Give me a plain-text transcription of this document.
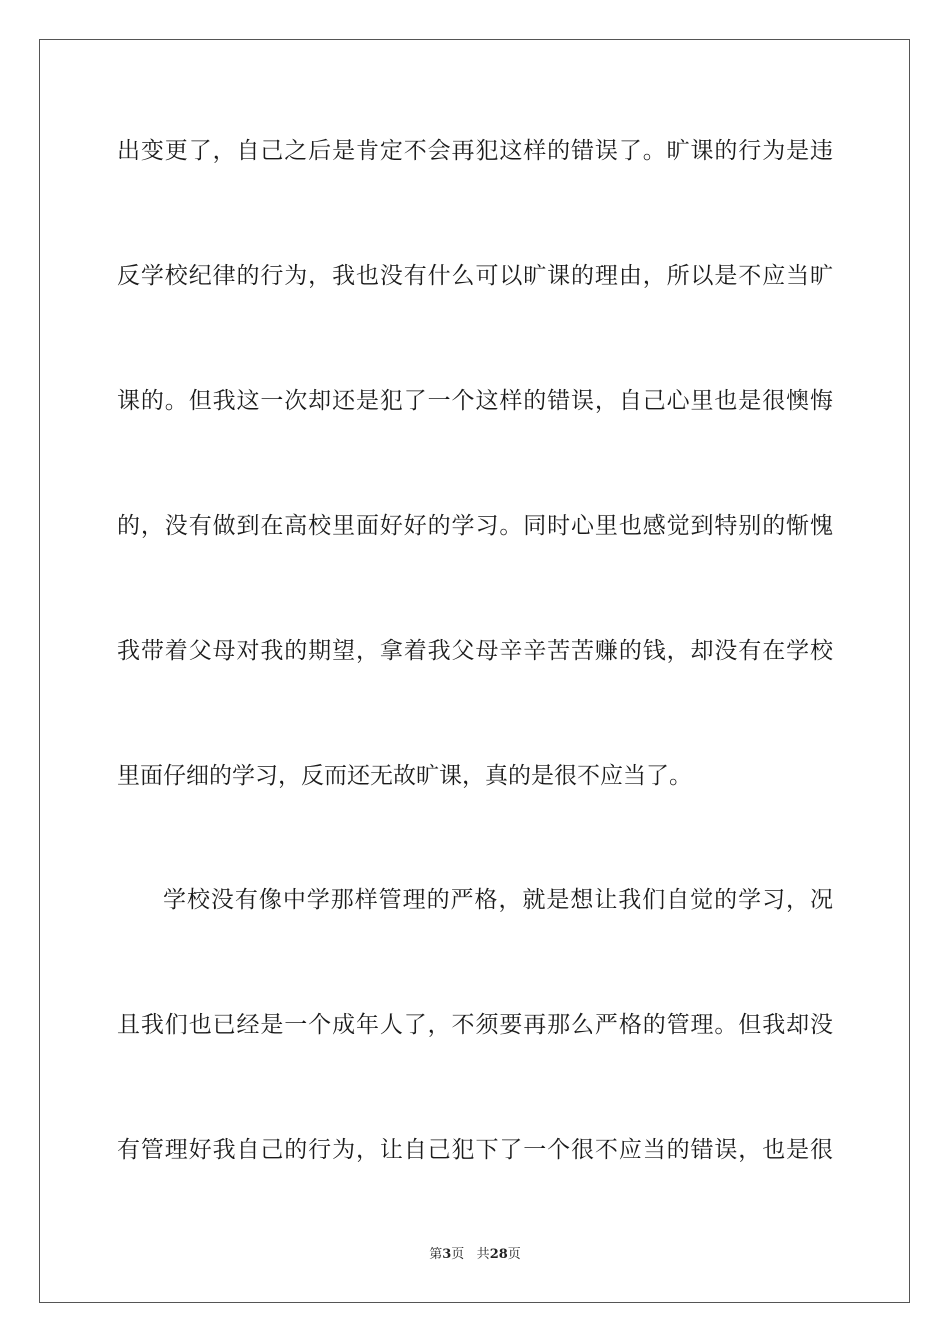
出变更了，自己之后是肯定不会再犯这样的错误了。旷课的行为是违
反学校纪律的行为，我也没有什么可以旷课的理由，所以是不应当旷
课的。但我这一次却还是犯了一个这样的错误，自己心里也是很懊悔
的，没有做到在高校里面好好的学习。同时心里也感觉到特别的惭愧
我带着父母对我的期望，拿着我父母辛辛苦苦赚的钱，却没有在学校
里面仔细的学习，反而还无故旷课，真的是很不应当了。
学校没有像中学那样管理的严格，就是想让我们自觉的学习，况
且我们也已经是一个成年人了，不须要再那么严格的管理。但我却没
有管理好我自己的行为，让自己犯下了一个很不应当的错误，也是很
第3页 共28页
